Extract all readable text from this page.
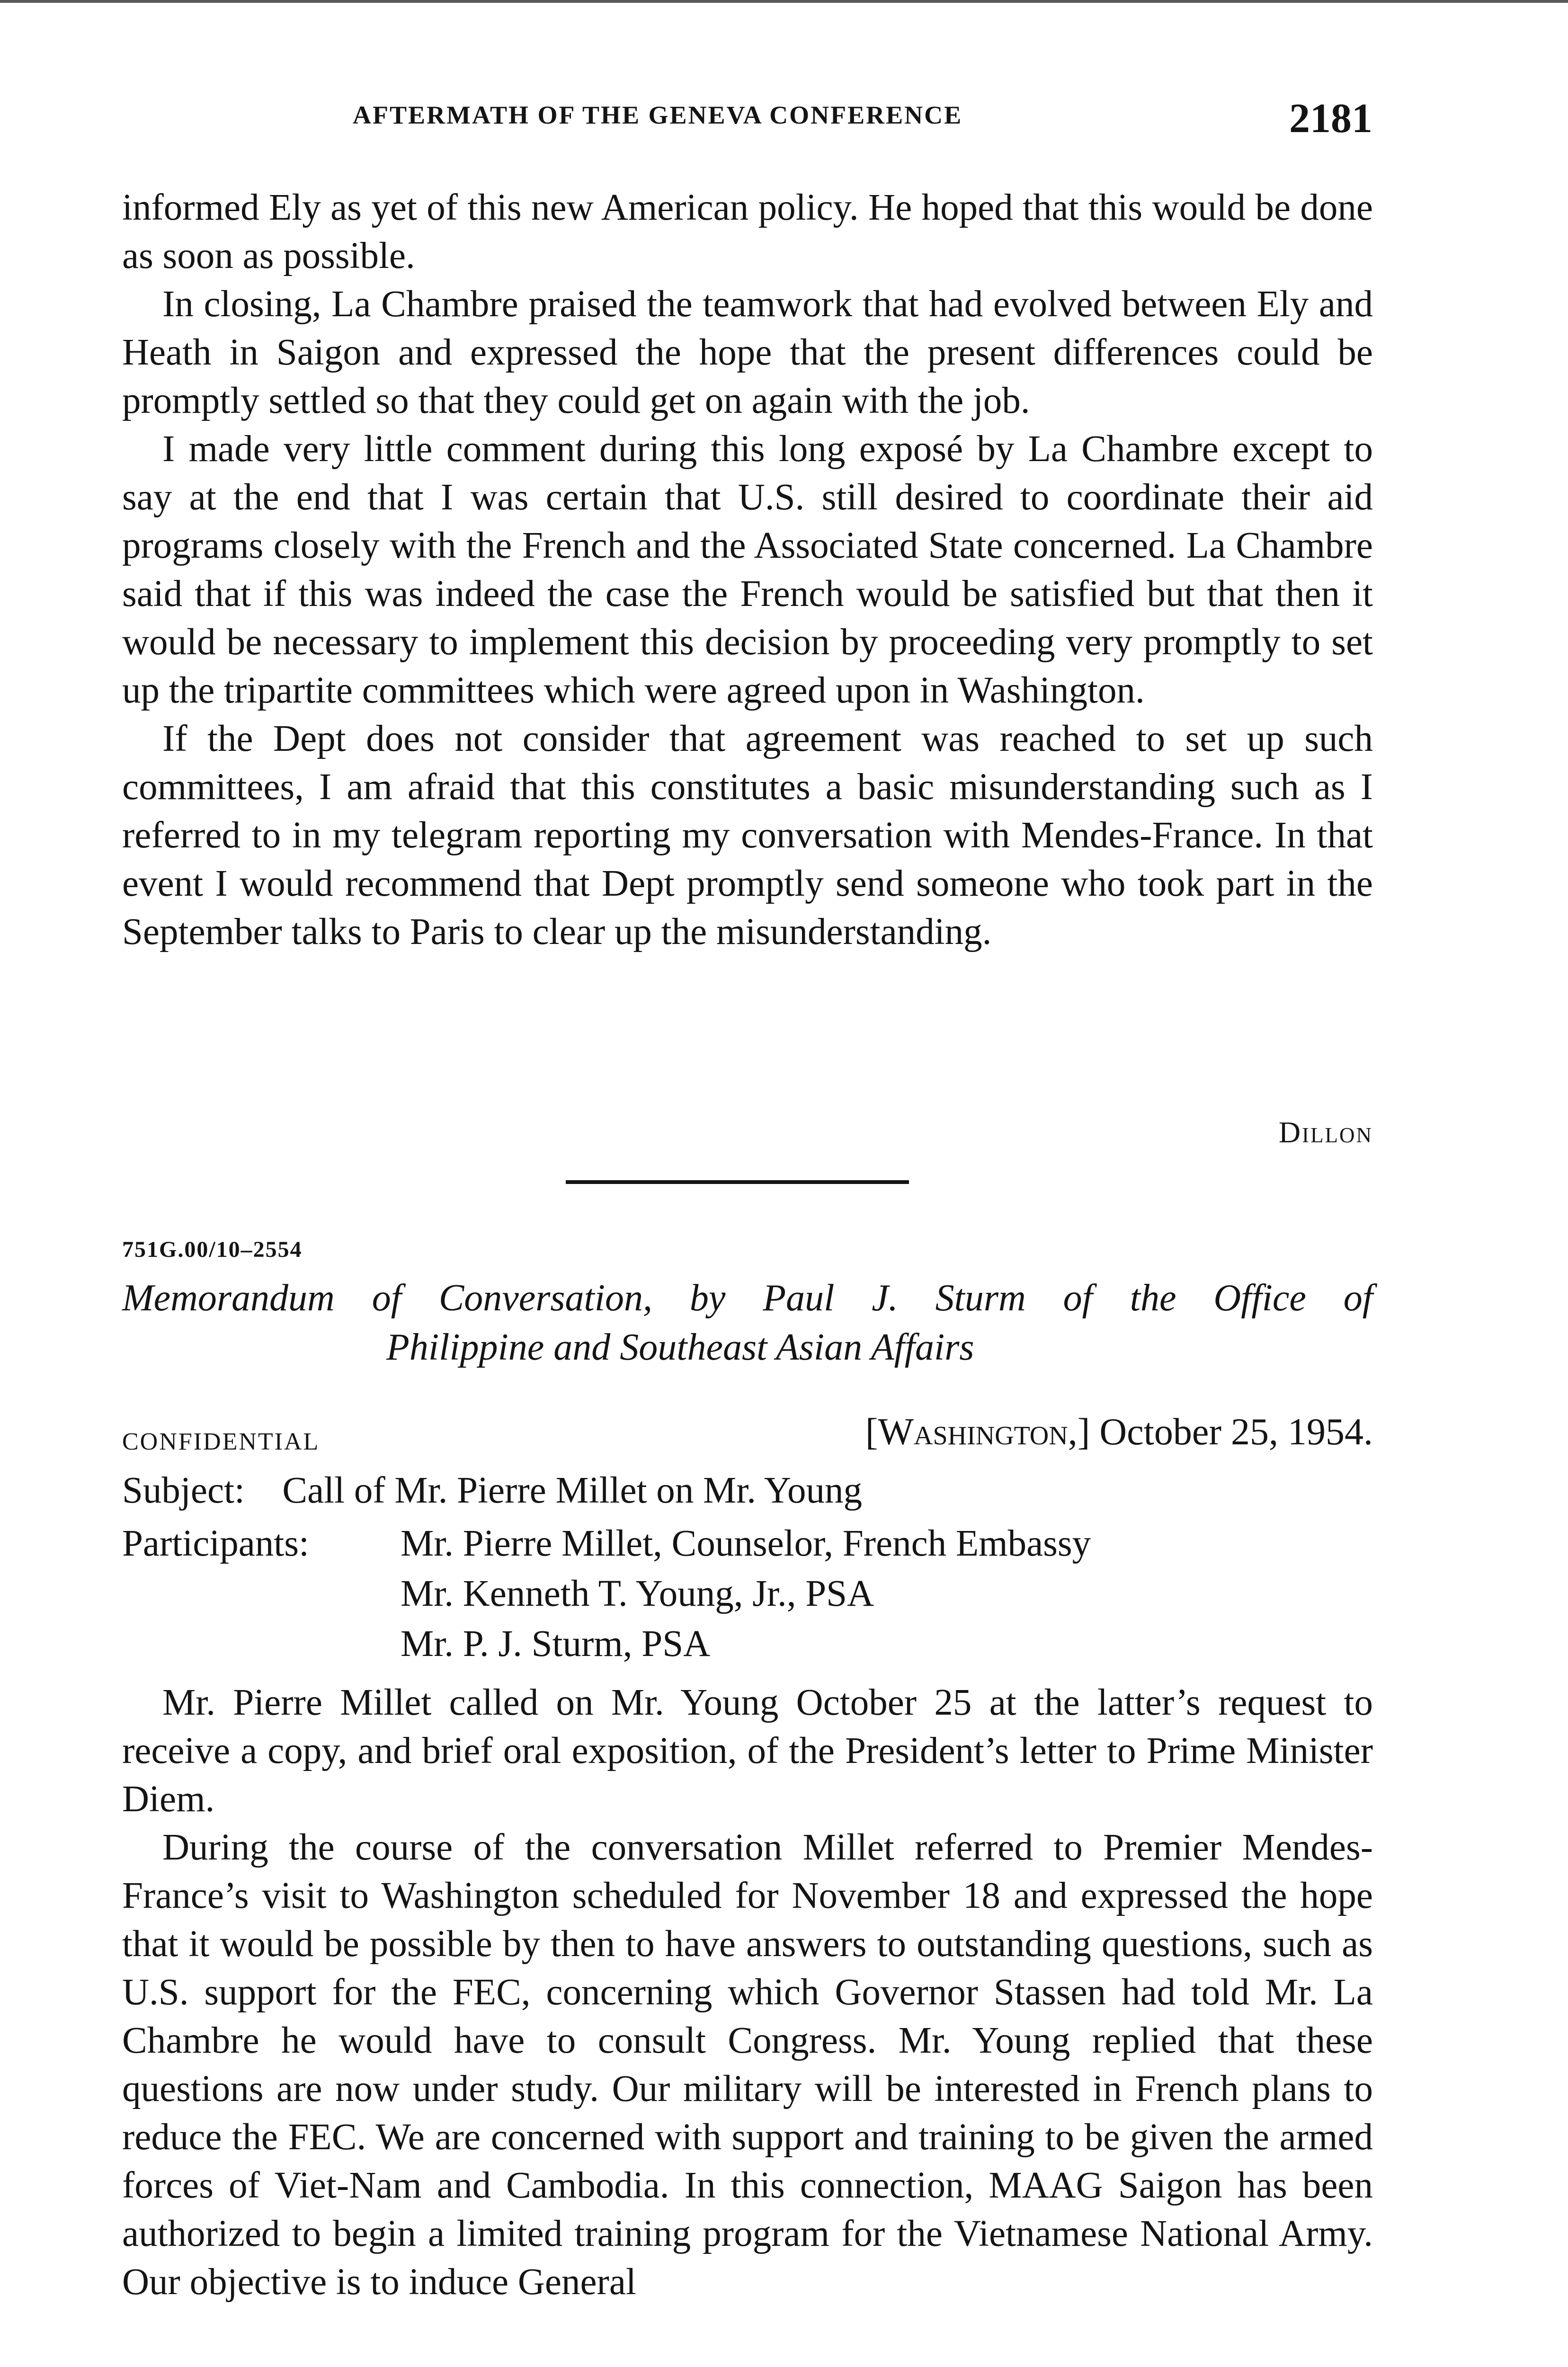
AFTERMATH OF THE GENEVA CONFERENCE	2181

informed Ely as yet of this new American policy. He hoped that this would be done as soon as possible.

In closing, La Chambre praised the teamwork that had evolved between Ely and Heath in Saigon and expressed the hope that the present differences could be promptly settled so that they could get on again with the job.

I made very little comment during this long exposé by La Chambre except to say at the end that I was certain that U.S. still desired to coordinate their aid programs closely with the French and the Associated State concerned. La Chambre said that if this was indeed the case the French would be satisfied but that then it would be necessary to implement this decision by proceeding very promptly to set up the tripartite committees which were agreed upon in Washington.

If the Dept does not consider that agreement was reached to set up such committees, I am afraid that this constitutes a basic misunderstanding such as I referred to in my telegram reporting my conversation with Mendes-France. In that event I would recommend that Dept promptly send someone who took part in the September talks to Paris to clear up the misunderstanding.

Dillon
751G.00/10–2554
Memorandum of Conversation, by Paul J. Sturm of the Office of
Philippine and Southeast Asian Affairs
CONFIDENTIAL	[Washington,] October 25, 1954.
Subject: Call of Mr. Pierre Millet on Mr. Young
Participants: Mr. Pierre Millet, Counselor, French Embassy
Mr. Kenneth T. Young, Jr., PSA
Mr. P. J. Sturm, PSA

Mr. Pierre Millet called on Mr. Young October 25 at the latter’s request to receive a copy, and brief oral exposition, of the President’s letter to Prime Minister Diem.

During the course of the conversation Millet referred to Premier Mendes-France’s visit to Washington scheduled for November 18 and expressed the hope that it would be possible by then to have answers to outstanding questions, such as U.S. support for the FEC, concerning which Governor Stassen had told Mr. La Chambre he would have to consult Congress. Mr. Young replied that these questions are now under study. Our military will be interested in French plans to reduce the FEC. We are concerned with support and training to be given the armed forces of Viet-Nam and Cambodia. In this connection, MAAG Saigon has been authorized to begin a limited training program for the Vietnamese National Army. Our objective is to induce General
